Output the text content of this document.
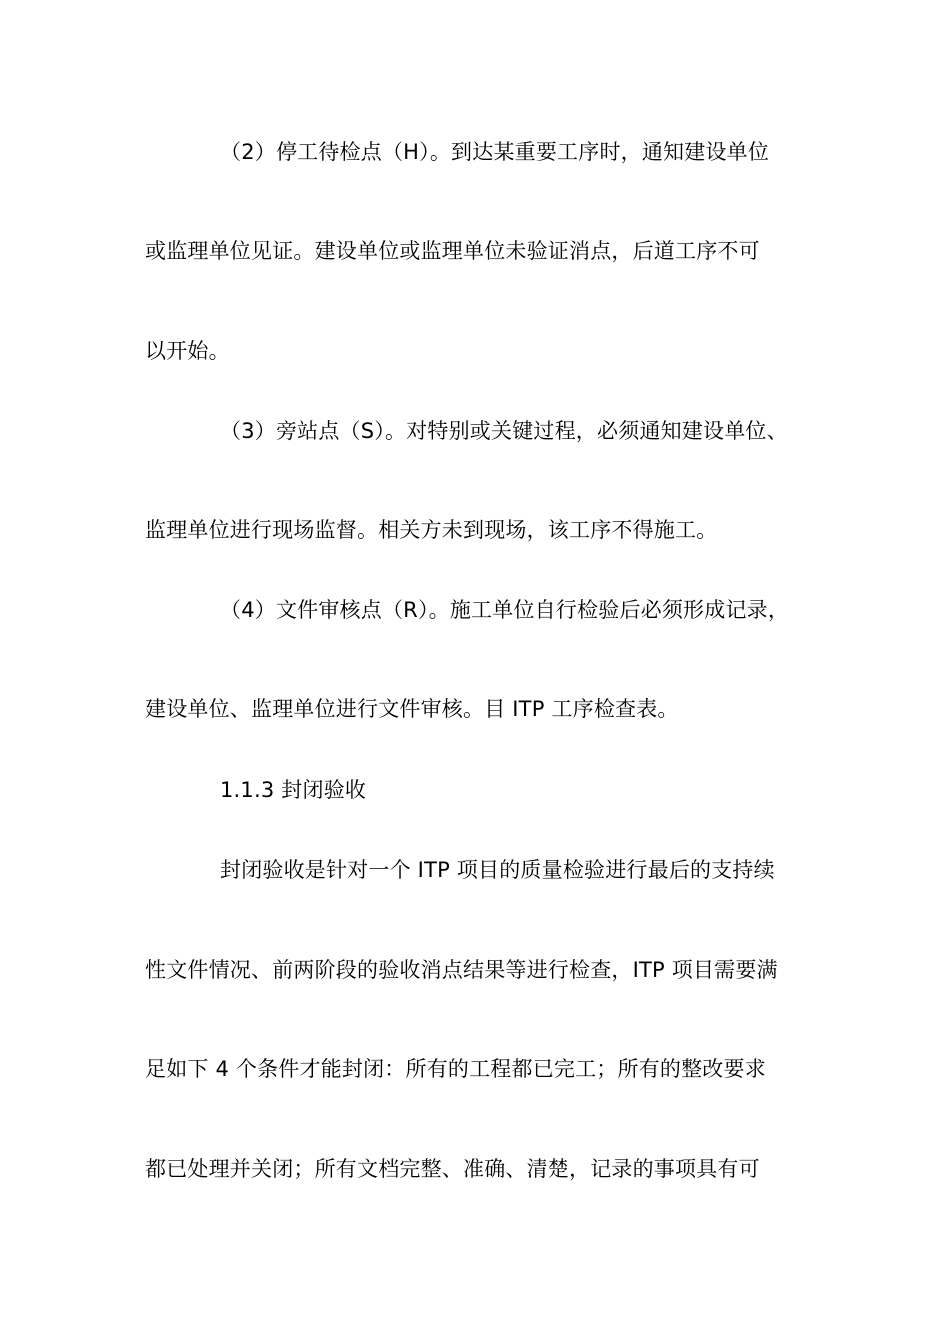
（2）停工待检点（H）。到达某重要工序时，通知建设单位
或监理单位见证。建设单位或监理单位未验证消点，后道工序不可
以开始。
（3）旁站点（S）。对特别或关键过程，必须通知建设单位、
监理单位进行现场监督。相关方未到现场，该工序不得施工。
（4）文件审核点（R）。施工单位自行检验后必须形成记录，
建设单位、监理单位进行文件审核。目 ITP 工序检查表。
1.1.3 封闭验收
封闭验收是针对一个 ITP 项目的质量检验进行最后的支持续
性文件情况、前两阶段的验收消点结果等进行检查，ITP 项目需要满
足如下 4 个条件才能封闭：所有的工程都已完工；所有的整改要求
都已处理并关闭；所有文档完整、准确、清楚，记录的事项具有可
